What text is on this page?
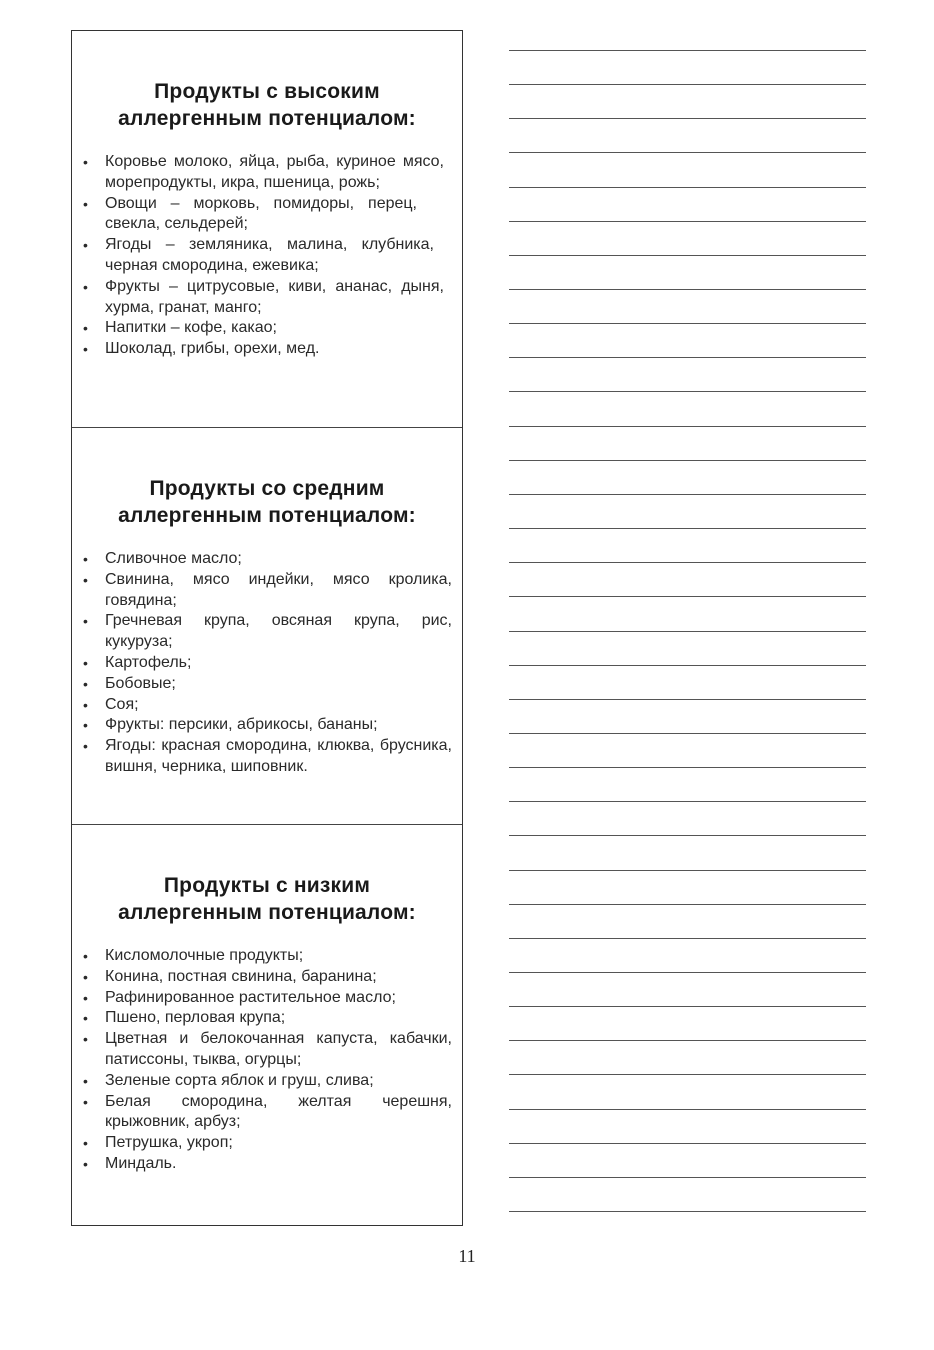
Продукты с высоким
аллергенным потенциалом:
• Коровье молоко, яйца, рыба, куриное мясо, морепродукты, икра, пшеница, рожь;
• Овощи – морковь, помидоры, перец, свекла, сельдерей;
• Ягоды – земляника, малина, клубника, черная смородина, ежевика;
• Фрукты – цитрусовые, киви, ананас, дыня, хурма, гранат, манго;
• Напитки – кофе, какао;
• Шоколад, грибы, орехи, мед.
Продукты со средним
аллергенным потенциалом:
• Сливочное масло;
• Свинина, мясо индейки, мясо кролика, говядина;
• Гречневая крупа, овсяная крупа, рис, кукуруза;
• Картофель;
• Бобовые;
• Соя;
• Фрукты: персики, абрикосы, бананы;
• Ягоды: красная смородина, клюква, брусника, вишня, черника, шиповник.
Продукты с низким
аллергенным потенциалом:
• Кисломолочные продукты;
• Конина, постная свинина, баранина;
• Рафинированное растительное масло;
• Пшено, перловая крупа;
• Цветная и белокочанная капуста, кабачки, патиссоны, тыква, огурцы;
• Зеленые сорта яблок и груш, слива;
• Белая смородина, желтая черешня, крыжовник, арбуз;
• Петрушка, укроп;
• Миндаль.
11
